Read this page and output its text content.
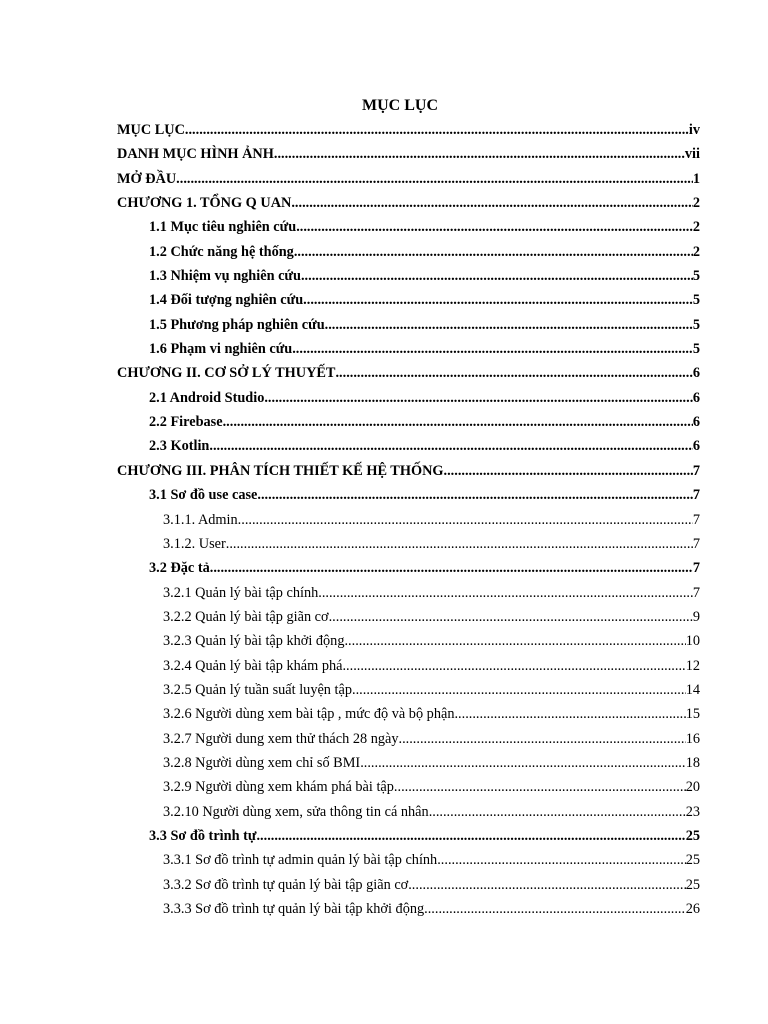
MỤC LỤC
MỤC LỤC .....	iv
DANH MỤC HÌNH ẢNH .....	vii
MỞ ĐẦU .....	1
CHƯƠNG 1. TỔNG Q UAN .....	2
1.1 Mục tiêu nghiên cứu .....	2
1.2 Chức năng hệ thống .....	2
1.3 Nhiệm vụ nghiên cứu .....	5
1.4 Đối tượng nghiên cứu .....	5
1.5 Phương pháp nghiên cứu .....	5
1.6 Phạm vi nghiên cứu .....	5
CHƯƠNG II. CƠ SỞ LÝ THUYẾT .....	6
2.1 Android Studio .....	6
2.2 Firebase .....	6
2.3 Kotlin .....	6
CHƯƠNG III. PHÂN TÍCH THIẾT KẾ HỆ THỐNG .....	7
3.1 Sơ đồ use case .....	7
3.1.1. Admin .....	7
3.1.2. User .....	7
3.2 Đặc tả .....	7
3.2.1 Quản lý bài tập chính .....	7
3.2.2 Quản lý bài tập giãn cơ .....	9
3.2.3 Quản lý bài tập khởi động .....	10
3.2.4 Quản lý bài tập khám phá .....	12
3.2.5 Quản lý tuần suất luyện tập .....	14
3.2.6 Người dùng xem bài tập , mức độ và bộ phận .....	15
3.2.7 Người dung xem thử thách 28 ngày .....	16
3.2.8 Người dùng xem chỉ số BMI .....	18
3.2.9 Người dùng xem khám phá bài tập .....	20
3.2.10 Người dùng xem, sửa thông tin cá nhân .....	23
3.3 Sơ đồ trình tự .....	25
3.3.1 Sơ đồ trình tự admin quản lý bài tập chính .....	25
3.3.2 Sơ đồ trình tự quản lý bài tập giãn cơ .....	25
3.3.3 Sơ đồ trình tự quản lý bài tập khởi động .....	26
